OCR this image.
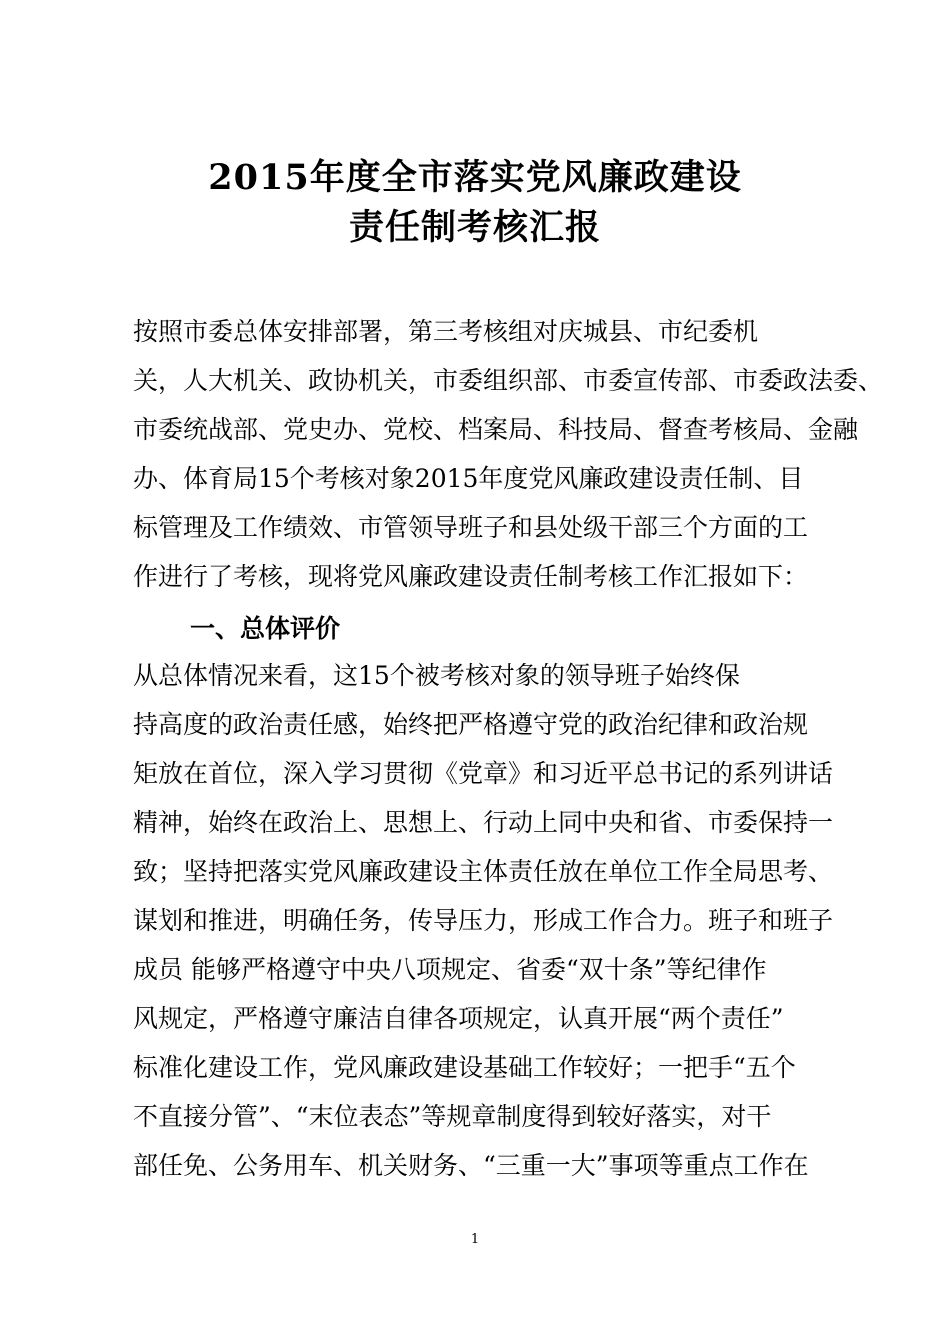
2015年度全市落实党风廉政建设
责任制考核汇报
按照市委总体安排部署，第三考核组对庆城县、市纪委机
关，人大机关、政协机关，市委组织部、市委宣传部、市委政法委、
市委统战部、党史办、党校、档案局、科技局、督查考核局、金融
办、体育局15个考核对象2015年度党风廉政建设责任制、目
标管理及工作绩效、市管领导班子和县处级干部三个方面的工
作进行了考核，现将党风廉政建设责任制考核工作汇报如下：
一、总体评价
从总体情况来看，这15个被考核对象的领导班子始终保
持高度的政治责任感，始终把严格遵守党的政治纪律和政治规
矩放在首位，深入学习贯彻《党章》和习近平总书记的系列讲话
精神，始终在政治上、思想上、行动上同中央和省、市委保持一
致；坚持把落实党风廉政建设主体责任放在单位工作全局思考、
谋划和推进，明确任务，传导压力，形成工作合力。班子和班子
成员 能够严格遵守中央八项规定、省委“双十条”等纪律作
风规定，严格遵守廉洁自律各项规定，认真开展“两个责任”
标准化建设工作，党风廉政建设基础工作较好；一把手“五个
不直接分管”、“末位表态”等规章制度得到较好落实，对干
部任免、公务用车、机关财务、“三重一大”事项等重点工作在
1
